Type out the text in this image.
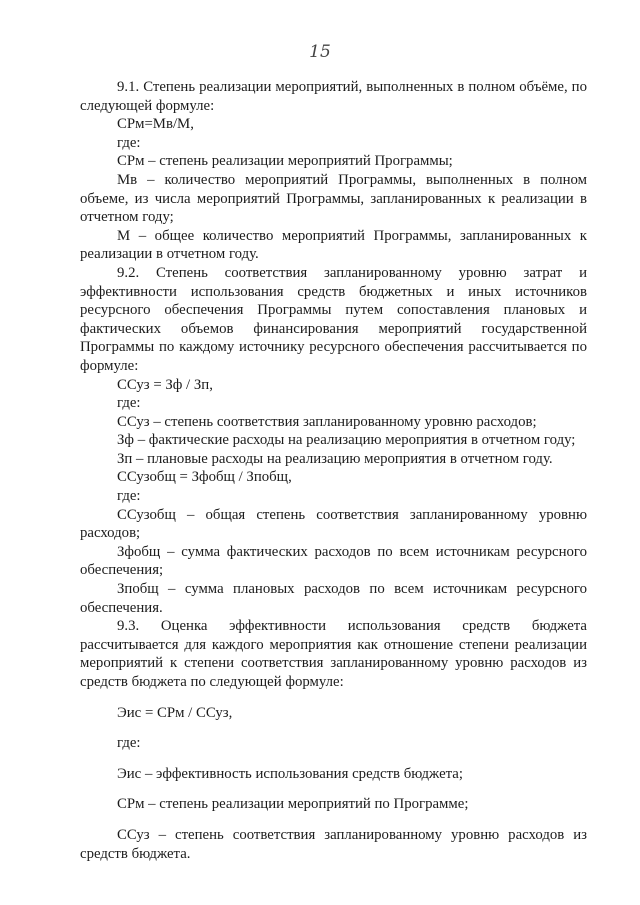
15

9.1. Степень реализации мероприятий, выполненных в полном объёме, по следующей формуле:

СРм=Мв/М,

где:

СРм – степень реализации мероприятий Программы;

Мв – количество мероприятий Программы, выполненных в полном объеме, из числа мероприятий Программы, запланированных к реализации в отчетном году;

М – общее количество мероприятий Программы, запланированных к реализации в отчетном году.

9.2. Степень соответствия запланированному уровню затрат и эффективности использования средств бюджетных и иных источников ресурсного обеспечения Программы путем сопоставления плановых и фактических объемов финансирования мероприятий государственной Программы по каждому источнику ресурсного обеспечения рассчитывается по формуле:

ССуз = Зф / Зп,

где:

ССуз – степень соответствия запланированному уровню расходов;

Зф – фактические расходы на реализацию мероприятия в отчетном году;

Зп – плановые расходы на реализацию мероприятия в отчетном году.

ССузобщ = Зфобщ / Зпобщ,

где:

ССузобщ – общая степень соответствия запланированному уровню расходов;

Зфобщ – сумма фактических расходов по всем источникам ресурсного обеспечения;

Зпобщ – сумма плановых расходов по всем источникам ресурсного обеспечения.

9.3. Оценка эффективности использования средств бюджета рассчитывается для каждого мероприятия как отношение степени реализации мероприятий к степени соответствия запланированному уровню расходов из средств бюджета по следующей формуле:

Эис = СРм / ССуз,

где:

Эис – эффективность использования средств бюджета;

СРм – степень реализации мероприятий по Программе;

ССуз – степень соответствия запланированному уровню расходов из средств бюджета.
